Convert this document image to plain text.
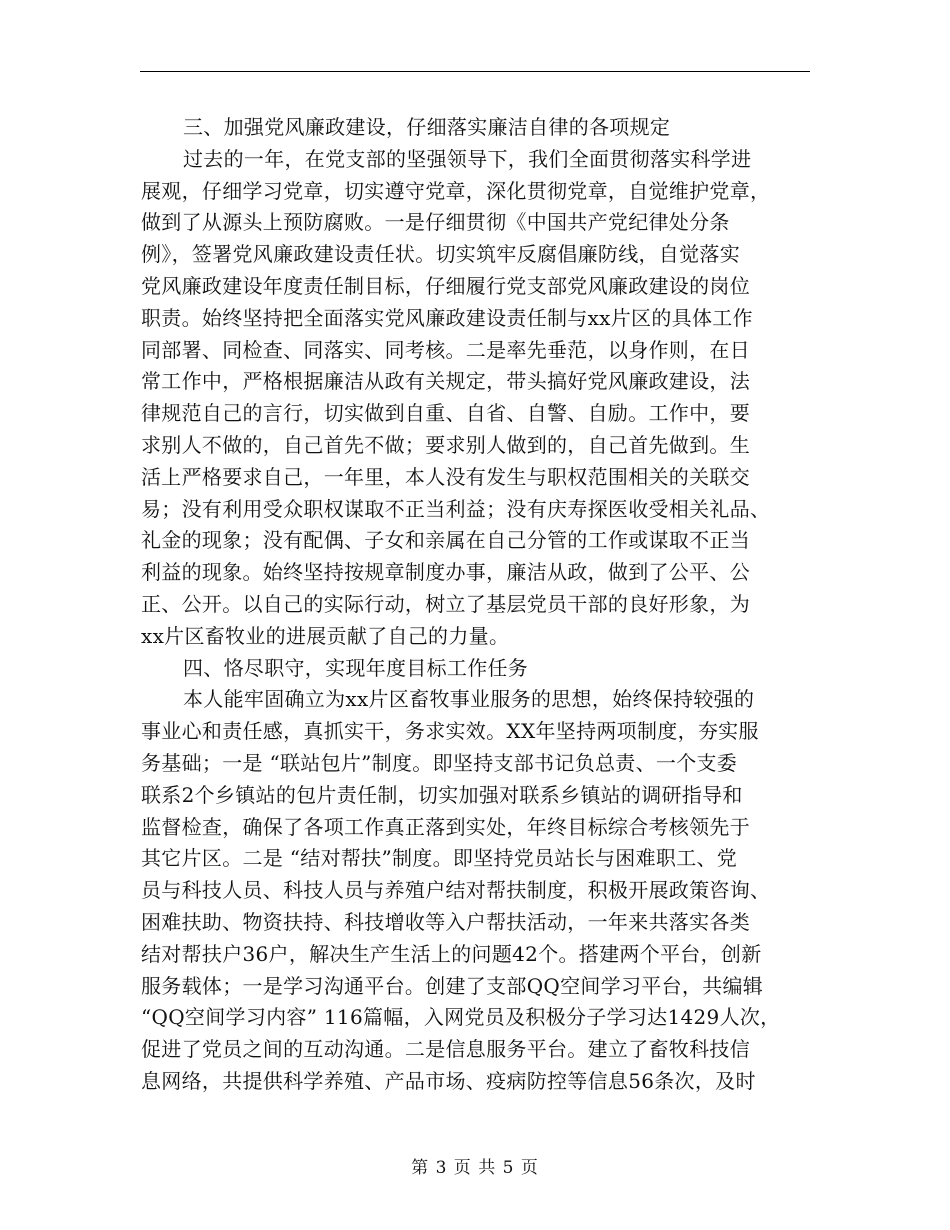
三、加强党风廉政建设，仔细落实廉洁自律的各项规定
过去的一年，在党支部的坚强领导下，我们全面贯彻落实科学进
展观，仔细学习党章，切实遵守党章，深化贯彻党章，自觉维护党章，
做到了从源头上预防腐败。一是仔细贯彻《中国共产党纪律处分条
例》，签署党风廉政建设责任状。切实筑牢反腐倡廉防线，自觉落实
党风廉政建设年度责任制目标，仔细履行党支部党风廉政建设的岗位
职责。始终坚持把全面落实党风廉政建设责任制与xx片区的具体工作
同部署、同检查、同落实、同考核。二是率先垂范，以身作则，在日
常工作中，严格根据廉洁从政有关规定，带头搞好党风廉政建设，法
律规范自己的言行，切实做到自重、自省、自警、自励。工作中，要
求别人不做的，自己首先不做；要求别人做到的，自己首先做到。生
活上严格要求自己，一年里，本人没有发生与职权范围相关的关联交
易；没有利用受众职权谋取不正当利益；没有庆寿探医收受相关礼品、
礼金的现象；没有配偶、子女和亲属在自己分管的工作或谋取不正当
利益的现象。始终坚持按规章制度办事，廉洁从政，做到了公平、公
正、公开。以自己的实际行动，树立了基层党员干部的良好形象，为
xx片区畜牧业的进展贡献了自己的力量。
四、恪尽职守，实现年度目标工作任务
本人能牢固确立为xx片区畜牧事业服务的思想，始终保持较强的
事业心和责任感，真抓实干，务求实效。XX年坚持两项制度，夯实服
务基础；一是 “联站包片”制度。即坚持支部书记负总责、一个支委
联系2个乡镇站的包片责任制，切实加强对联系乡镇站的调研指导和
监督检查，确保了各项工作真正落到实处，年终目标综合考核领先于
其它片区。二是 “结对帮扶”制度。即坚持党员站长与困难职工、党
员与科技人员、科技人员与养殖户结对帮扶制度，积极开展政策咨询、
困难扶助、物资扶持、科技增收等入户帮扶活动，一年来共落实各类
结对帮扶户36户，解决生产生活上的问题42个。搭建两个平台，创新
服务载体；一是学习沟通平台。创建了支部QQ空间学习平台，共编辑
“QQ空间学习内容” 116篇幅，入网党员及积极分子学习达1429人次，
促进了党员之间的互动沟通。二是信息服务平台。建立了畜牧科技信
息网络，共提供科学养殖、产品市场、疫病防控等信息56条次，及时
第 3 页 共 5 页
